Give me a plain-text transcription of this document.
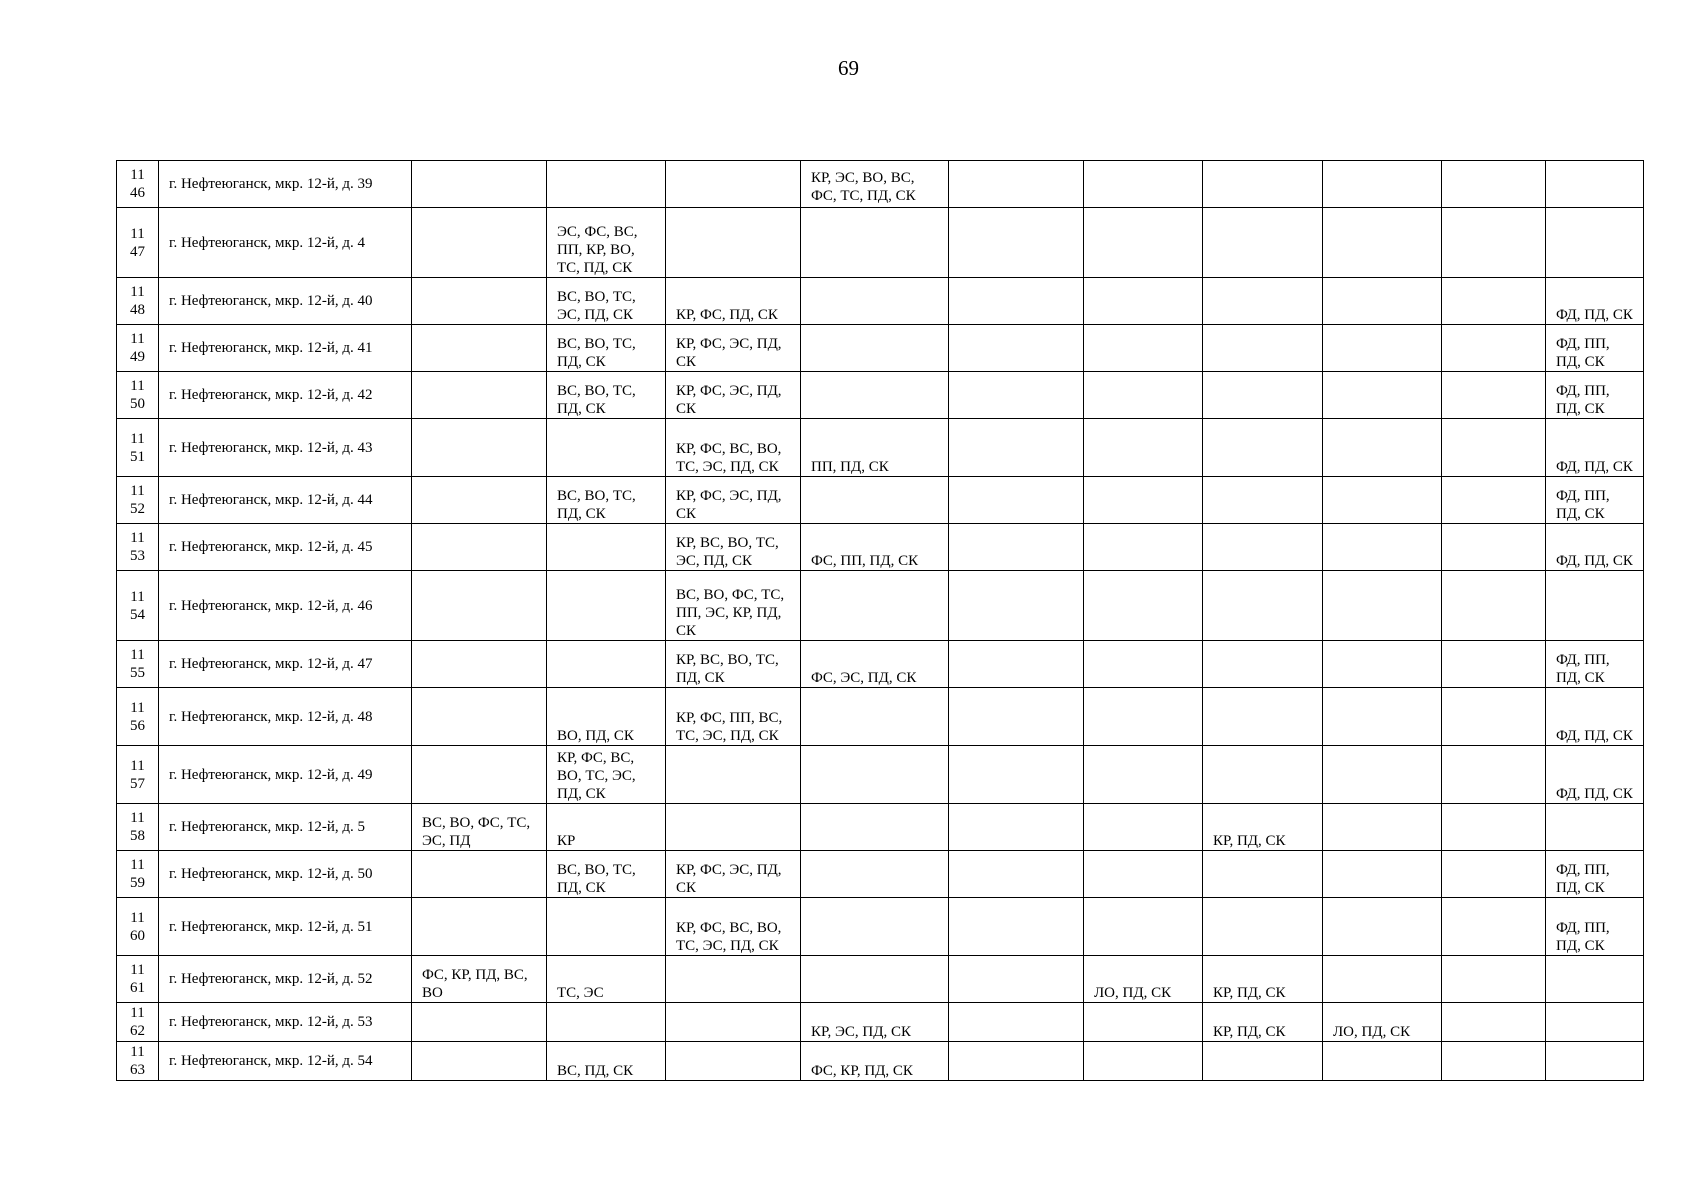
69
11
46	г. Нефтеюганск, мкр. 12-й, д. 39				КР, ЭС, ВО, ВС, ФС, ТС, ПД, СК						

11
47	г. Нефтеюганск, мкр. 12-й, д. 4		ЭС, ФС, ВС, ПП, КР, ВО, ТС, ПД, СК								

11
48	г. Нефтеюганск, мкр. 12-й, д. 40		ВС, ВО, ТС, ЭС, ПД, СК	КР, ФС, ПД, СК							ФД, ПД, СК

11
49	г. Нефтеюганск, мкр. 12-й, д. 41		ВС, ВО, ТС, ПД, СК	КР, ФС, ЭС, ПД, СК							ФД, ПП, ПД, СК

11
50	г. Нефтеюганск, мкр. 12-й, д. 42		ВС, ВО, ТС, ПД, СК	КР, ФС, ЭС, ПД, СК							ФД, ПП, ПД, СК

11
51	г. Нефтеюганск, мкр. 12-й, д. 43			КР, ФС, ВС, ВО, ТС, ЭС, ПД, СК	ПП, ПД, СК						ФД, ПД, СК

11
52	г. Нефтеюганск, мкр. 12-й, д. 44		ВС, ВО, ТС, ПД, СК	КР, ФС, ЭС, ПД, СК							ФД, ПП, ПД, СК

11
53	г. Нефтеюганск, мкр. 12-й, д. 45			КР, ВС, ВО, ТС, ЭС, ПД, СК	ФС, ПП, ПД, СК						ФД, ПД, СК

11
54	г. Нефтеюганск, мкр. 12-й, д. 46			ВС, ВО, ФС, ТС, ПП, ЭС, КР, ПД, СК							

11
55	г. Нефтеюганск, мкр. 12-й, д. 47			КР, ВС, ВО, ТС, ПД, СК	ФС, ЭС, ПД, СК						ФД, ПП, ПД, СК

11
56	г. Нефтеюганск, мкр. 12-й, д. 48		ВО, ПД, СК	КР, ФС, ПП, ВС, ТС, ЭС, ПД, СК							ФД, ПД, СК

11
57	г. Нефтеюганск, мкр. 12-й, д. 49		КР, ФС, ВС, ВО, ТС, ЭС, ПД, СК								ФД, ПД, СК

11
58	г. Нефтеюганск, мкр. 12-й, д. 5	ВС, ВО, ФС, ТС, ЭС, ПД	КР					КР, ПД, СК			

11
59	г. Нефтеюганск, мкр. 12-й, д. 50		ВС, ВО, ТС, ПД, СК	КР, ФС, ЭС, ПД, СК							ФД, ПП, ПД, СК

11
60	г. Нефтеюганск, мкр. 12-й, д. 51			КР, ФС, ВС, ВО, ТС, ЭС, ПД, СК							ФД, ПП, ПД, СК

11
61	г. Нефтеюганск, мкр. 12-й, д. 52	ФС, КР, ПД, ВС, ВО	ТС, ЭС				ЛО, ПД, СК	КР, ПД, СК			

11
62	г. Нефтеюганск, мкр. 12-й, д. 53				КР, ЭС, ПД, СК			КР, ПД, СК	ЛО, ПД, СК		

11
63	г. Нефтеюганск, мкр. 12-й, д. 54		ВС, ПД, СК		ФС, КР, ПД, СК						
